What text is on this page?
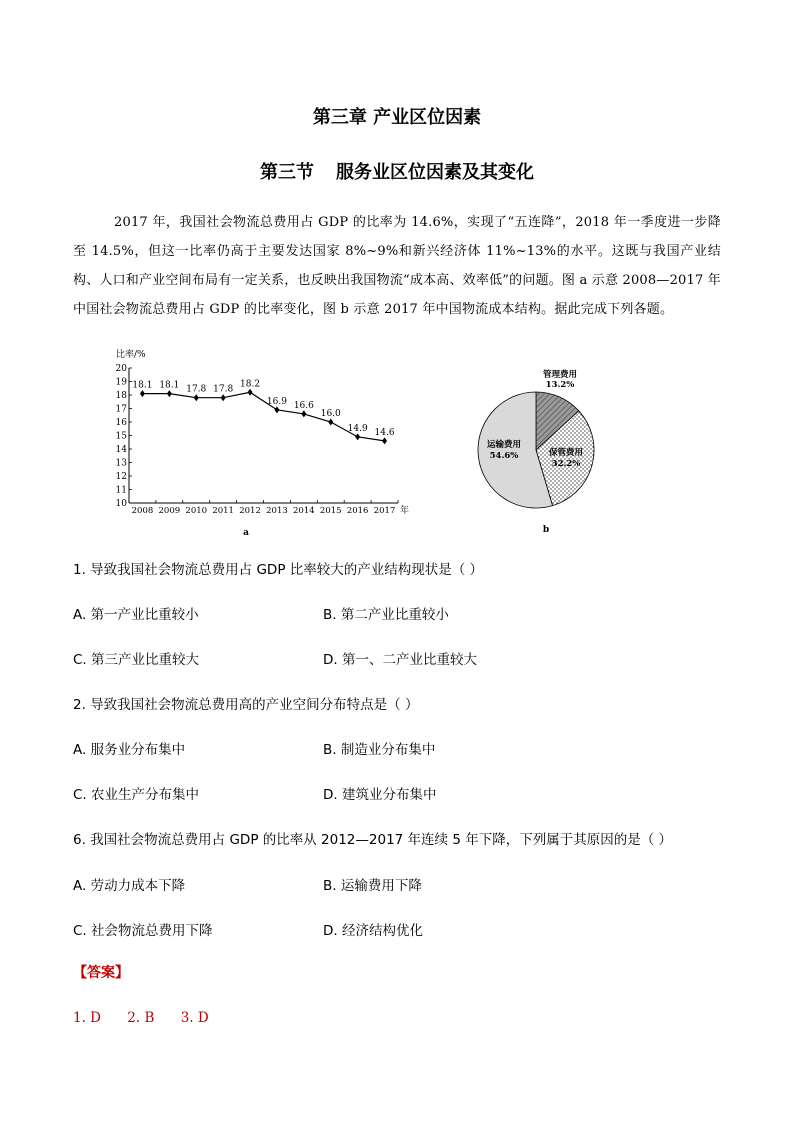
第三章 产业区位因素
第三节 服务业区位因素及其变化

2017 年，我国社会物流总费用占 GDP 的比率为 14.6%，实现了“五连降”，2018 年一季度进一步降至 14.5%，但这一比率仍高于主要发达国家 8%~9%和新兴经济体 11%~13%的水平。这既与我国产业结构、人口和产业空间布局有一定关系，也反映出我国物流“成本高、效率低”的问题。图 a 示意 2008—2017 年中国社会物流总费用占 GDP 的比率变化，图 b 示意 2017 年中国物流成本结构。据此完成下列各题。

10
11
12
13
14
15
16
17
18
19
20
2008 2009 2010 2011 2012 2013 2014 2015 2016 2017
18.1 18.1 17.8 17.8
18.2
16.9 16.6
16.0
14.9 14.6
比率/%
年
a
管理费用
13.2%
保管费用
32.2%
运输费用
54.6%
b
1. 导致我国社会物流总费用占 GDP 比率较大的产业结构现状是（ ）
A. 第一产业比重较小	B. 第二产业比重较小
C. 第三产业比重较大	D. 第一、二产业比重较大
2. 导致我国社会物流总费用高的产业空间分布特点是（ ）
A. 服务业分布集中	B. 制造业分布集中
C. 农业生产分布集中	D. 建筑业分布集中
6. 我国社会物流总费用占 GDP 的比率从 2012—2017 年连续 5 年下降，下列属于其原因的是（ ）
A. 劳动力成本下降	B. 运输费用下降
C. 社会物流总费用下降	D. 经济结构优化
【答案】
1. D 2. B 3. D
